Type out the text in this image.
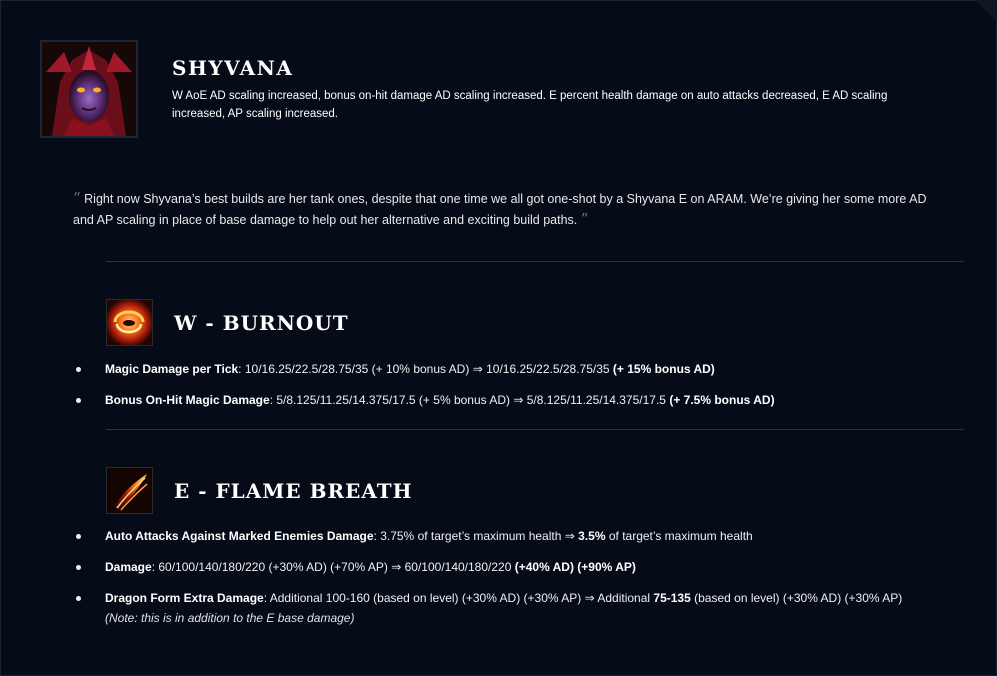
SHYVANA
W AoE AD scaling increased, bonus on-hit damage AD scaling increased. E percent health damage on auto attacks decreased, E AD scaling increased, AP scaling increased.
“ Right now Shyvana’s best builds are her tank ones, despite that one time we all got one-shot by a Shyvana E on ARAM. We’re giving her some more AD and AP scaling in place of base damage to help out her alternative and exciting build paths. ”
W - BURNOUT
Magic Damage per Tick: 10/16.25/22.5/28.75/35 (+ 10% bonus AD) ⇒ 10/16.25/22.5/28.75/35 (+ 15% bonus AD)
Bonus On-Hit Magic Damage: 5/8.125/11.25/14.375/17.5 (+ 5% bonus AD) ⇒ 5/8.125/11.25/14.375/17.5 (+ 7.5% bonus AD)
E - FLAME BREATH
Auto Attacks Against Marked Enemies Damage: 3.75% of target’s maximum health ⇒ 3.5% of target’s maximum health
Damage: 60/100/140/180/220 (+30% AD) (+70% AP) ⇒ 60/100/140/180/220 (+40% AD) (+90% AP)
Dragon Form Extra Damage: Additional 100-160 (based on level) (+30% AD) (+30% AP) ⇒ Additional 75-135 (based on level) (+30% AD) (+30% AP)
(Note: this is in addition to the E base damage)
